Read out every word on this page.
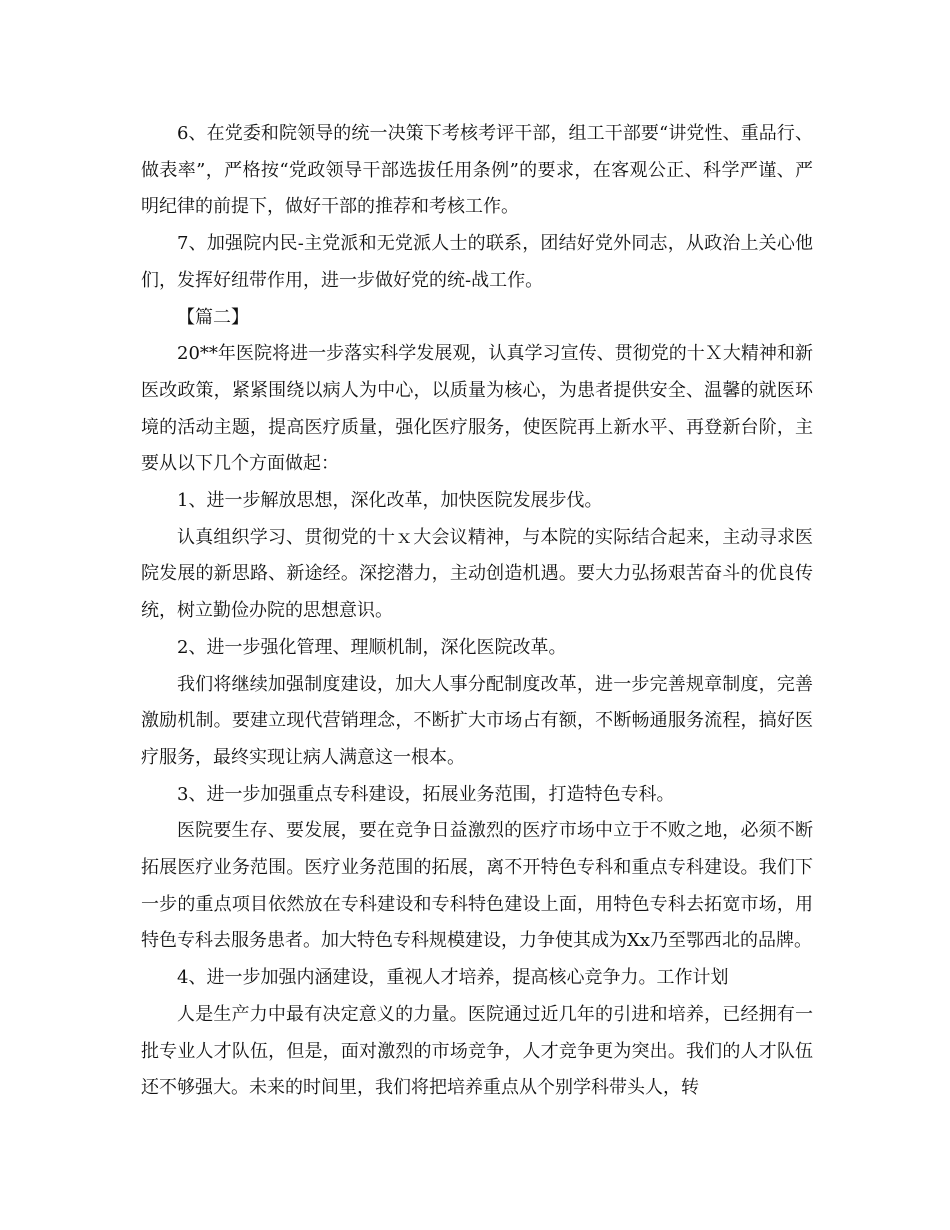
6、在党委和院领导的统一决策下考核考评干部，组工干部要“讲党性、重品行、做表率”，严格按“党政领导干部选拔任用条例”的要求，在客观公正、科学严谨、严明纪律的前提下，做好干部的推荐和考核工作。

7、加强院内民-主党派和无党派人士的联系，团结好党外同志，从政治上关心他们，发挥好纽带作用，进一步做好党的统-战工作。

【篇二】

20**年医院将进一步落实科学发展观，认真学习宣传、贯彻党的十Ｘ大精神和新医改政策，紧紧围绕以病人为中心，以质量为核心，为患者提供安全、温馨的就医环境的活动主题，提高医疗质量，强化医疗服务，使医院再上新水平、再登新台阶，主要从以下几个方面做起：

1、进一步解放思想，深化改革，加快医院发展步伐。

认真组织学习、贯彻党的十ｘ大会议精神，与本院的实际结合起来，主动寻求医院发展的新思路、新途经。深挖潜力，主动创造机遇。要大力弘扬艰苦奋斗的优良传统，树立勤俭办院的思想意识。

2、进一步强化管理、理顺机制，深化医院改革。

我们将继续加强制度建设，加大人事分配制度改革，进一步完善规章制度，完善激励机制。要建立现代营销理念，不断扩大市场占有额，不断畅通服务流程，搞好医疗服务，最终实现让病人满意这一根本。

3、进一步加强重点专科建设，拓展业务范围，打造特色专科。

医院要生存、要发展，要在竞争日益激烈的医疗市场中立于不败之地，必须不断拓展医疗业务范围。医疗业务范围的拓展，离不开特色专科和重点专科建设。我们下一步的重点项目依然放在专科建设和专科特色建设上面，用特色专科去拓宽市场，用特色专科去服务患者。加大特色专科规模建设，力争使其成为Xx乃至鄂西北的品牌。

4、进一步加强内涵建设，重视人才培养，提高核心竞争力。工作计划

人是生产力中最有决定意义的力量。医院通过近几年的引进和培养，已经拥有一批专业人才队伍，但是，面对激烈的市场竞争，人才竞争更为突出。我们的人才队伍还不够强大。未来的时间里，我们将把培养重点从个别学科带头人，转
